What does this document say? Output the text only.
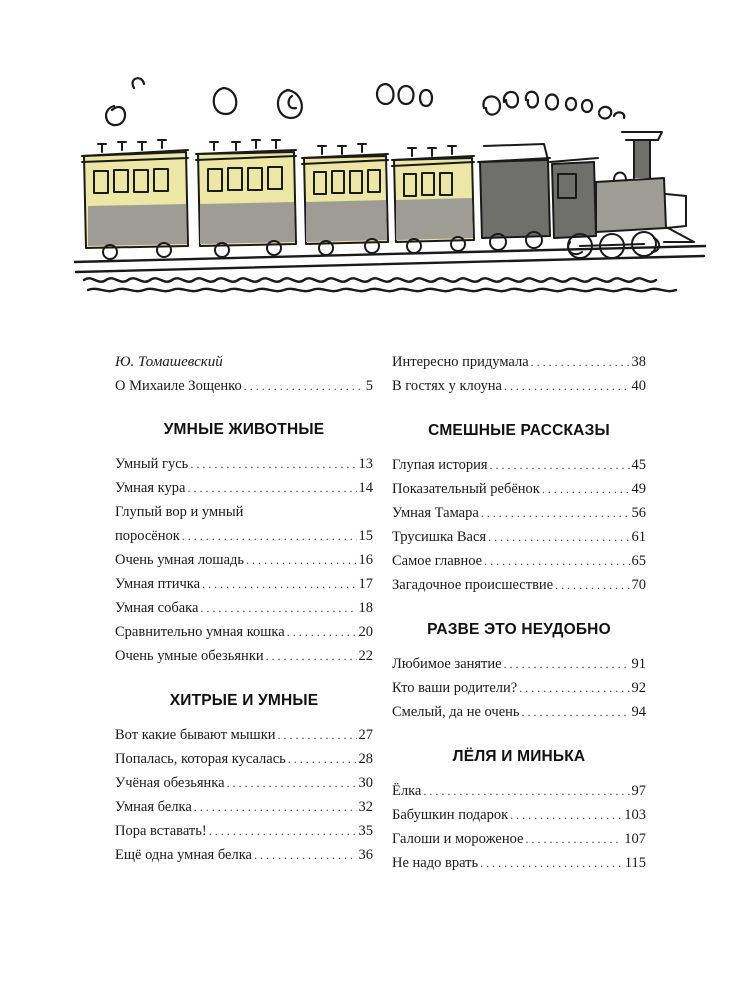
Ю. Томашевский
О Михаиле Зощенко . . .	5
УМНЫЕ ЖИВОТНЫЕ
Умный гусь . . .	13
Умная кура . . .	14
Глупый вор и умный
поросёнок . . .	15
Очень умная лошадь . . .	16
Умная птичка . . .	17
Умная собака . . .	18
Сравнительно умная кошка . . .	20
Очень умные обезьянки . . .	22
ХИТРЫЕ И УМНЫЕ
Вот какие бывают мышки . . .	27
Попалась, которая кусалась . . .	28
Учёная обезьянка . . .	30
Умная белка . . .	32
Пора вставать! . . .	35
Ещё одна умная белка . . .	36
Интересно придумала . . .	38
В гостях у клоуна . . .	40
СМЕШНЫЕ РАССКАЗЫ
Глупая история . . .	45
Показательный ребёнок . . .	49
Умная Тамара . . .	56
Трусишка Вася . . .	61
Самое главное . . .	65
Загадочное происшествие . . .	70
РАЗВЕ ЭТО НЕУДОБНО
Любимое занятие . . .	91
Кто ваши родители? . . .	92
Смелый, да не очень . . .	94
ЛЁЛЯ И МИНЬКА
Ёлка . . .	97
Бабушкин подарок . . .	103
Галоши и мороженое . . .	107
Не надо врать . . .	115
